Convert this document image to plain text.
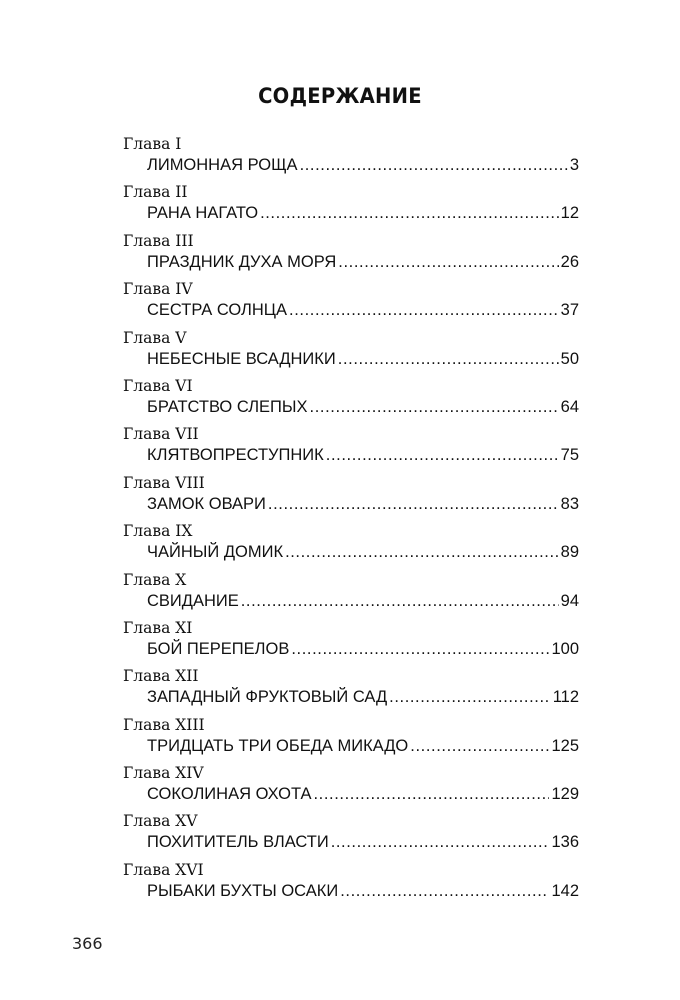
СОДЕРЖАНИЕ
Глава I
ЛИМОННАЯ РОЩА .....	3
Глава II
РАНА НАГАТО .....	12
Глава III
ПРАЗДНИК ДУХА МОРЯ .....	26
Глава IV
СЕСТРА СОЛНЦА .....	37
Глава V
НЕБЕСНЫЕ ВСАДНИКИ .....	50
Глава VI
БРАТСТВО СЛЕПЫХ .....	64
Глава VII
КЛЯТВОПРЕСТУПНИК .....	75
Глава VIII
ЗАМОК ОВАРИ .....	83
Глава IX
ЧАЙНЫЙ ДОМИК .....	89
Глава X
СВИДАНИЕ .....	94
Глава XI
БОЙ ПЕРЕПЕЛОВ .....	100
Глава XII
ЗАПАДНЫЙ ФРУКТОВЫЙ САД .....	112
Глава XIII
ТРИДЦАТЬ ТРИ ОБЕДА МИКАДО .....	125
Глава XIV
СОКОЛИНАЯ ОХОТА .....	129
Глава XV
ПОХИТИТЕЛЬ ВЛАСТИ .....	136
Глава XVI
РЫБАКИ БУХТЫ ОСАКИ .....	142
366
